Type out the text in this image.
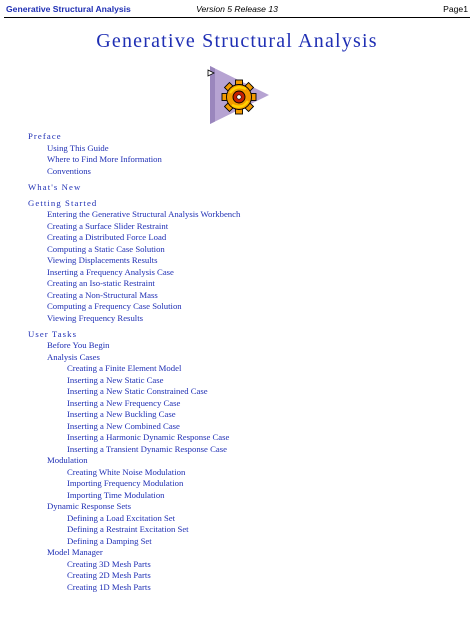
Generative Structural Analysis	Version 5 Release 13	Page1
Generative Structural Analysis
Preface
Using This Guide
Where to Find More Information
Conventions
What's New
Getting Started
Entering the Generative Structural Analysis Workbench
Creating a Surface Slider Restraint
Creating a Distributed Force Load
Computing a Static Case Solution
Viewing Displacements Results
Inserting a Frequency Analysis Case
Creating an Iso-static Restraint
Creating a Non-Structural Mass
Computing a Frequency Case Solution
Viewing Frequency Results
User Tasks
Before You Begin
Analysis Cases
Creating a Finite Element Model
Inserting a New Static Case
Inserting a New Static Constrained Case
Inserting a New Frequency Case
Inserting a New Buckling Case
Inserting a New Combined Case
Inserting a Harmonic Dynamic Response Case
Inserting a Transient Dynamic Response Case
Modulation
Creating White Noise Modulation
Importing Frequency Modulation
Importing Time Modulation
Dynamic Response Sets
Defining a Load Excitation Set
Defining a Restraint Excitation Set
Defining a Damping Set
Model Manager
Creating 3D Mesh Parts
Creating 2D Mesh Parts
Creating 1D Mesh Parts
